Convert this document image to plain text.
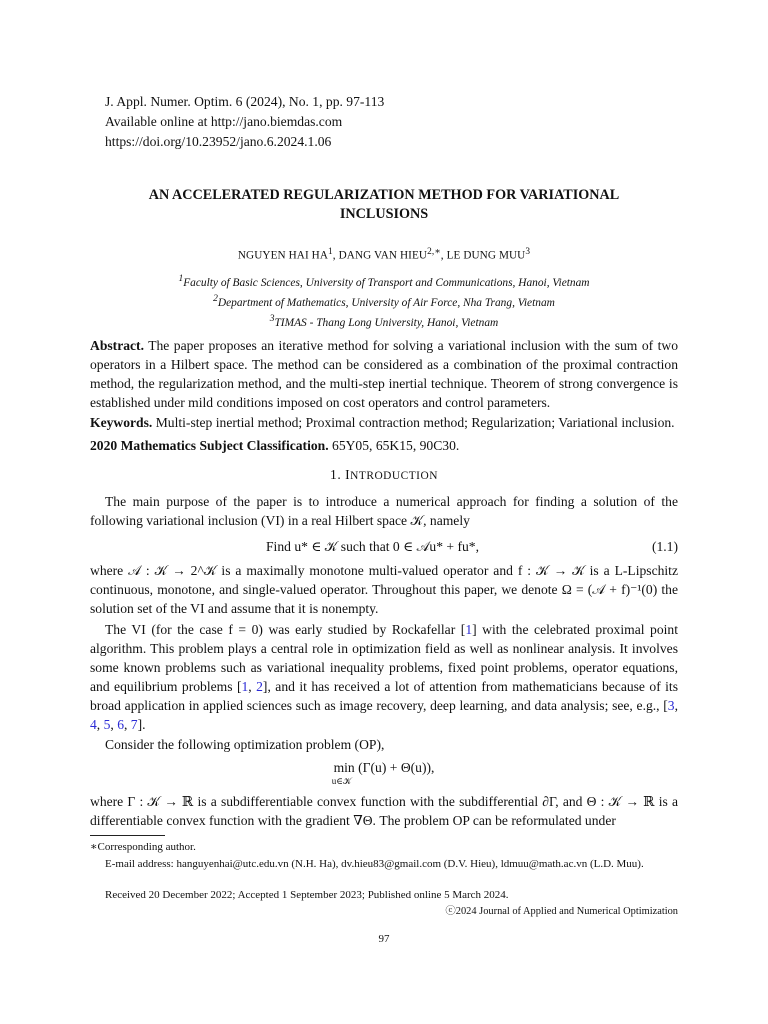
J. Appl. Numer. Optim. 6 (2024), No. 1, pp. 97-113
Available online at http://jano.biemdas.com
https://doi.org/10.23952/jano.6.2024.1.06
AN ACCELERATED REGULARIZATION METHOD FOR VARIATIONAL
INCLUSIONS
NGUYEN HAI $HA^1$, DANG VAN $HIEU^{2,∗}$, LE DUNG MUU$^3$
$^1$Faculty of Basic Sciences, University of Transport and Communications, Hanoi, Vietnam
$^2$Department of Mathematics, University of Air Force, Nha Trang, Vietnam
$^3$TIMAS - Thang Long University, Hanoi, Vietnam
Abstract. The paper proposes an iterative method for solving a variational inclusion with the sum of two operators in a Hilbert space. The method can be considered as a combination of the proximal contraction method, the regularization method, and the multi-step inertial technique. Theorem of strong convergence is established under mild conditions imposed on cost operators and control parameters.
Keywords. Multi-step inertial method; Proximal contraction method; Regularization; Variational inclusion.
2020 Mathematics Subject Classification. 65Y05, 65K15, 90C30.
1. INTRODUCTION
The main purpose of the paper is to introduce a numerical approach for finding a solution of the following variational inclusion (VI) in a real Hilbert space 𝒦, namely
Find u* ∈ 𝒦 such that 0 ∈ 𝒜u* + fu*,	(1.1)
where 𝒜 : 𝒦 → 2^𝒦 is a maximally monotone multi-valued operator and f : 𝒦 → 𝒦 is a L-Lipschitz continuous, monotone, and single-valued operator. Throughout this paper, we denote Ω = (𝒜 + f)⁻¹(0) the solution set of the VI and assume that it is nonempty.
The VI (for the case f = 0) was early studied by Rockafellar [1] with the celebrated proximal point algorithm. This problem plays a central role in optimization field as well as nonlinear analysis. It involves some known problems such as variational inequality problems, fixed point problems, operator equations, and equilibrium problems [1, 2], and it has received a lot of attention from mathematicians because of its broad application in applied sciences such as image recovery, deep learning, and data analysis; see, e.g., [3, 4, 5, 6, 7].
Consider the following optimization problem (OP),
min (Γ(u) + Θ(u)),
u∈𝒦
where Γ : 𝒦 → ℝ is a subdifferentiable convex function with the subdifferential ∂Γ, and Θ : 𝒦 → ℝ is a differentiable convex function with the gradient ∇Θ. The problem OP can be reformulated under
∗Corresponding author.
E-mail address: hanguyenhai@utc.edu.vn (N.H. Ha), dv.hieu83@gmail.com (D.V. Hieu), ldmuu@math.ac.vn (L.D. Muu).
Received 20 December 2022; Accepted 1 September 2023; Published online 5 March 2024.
ⓒ2024 Journal of Applied and Numerical Optimization
97
